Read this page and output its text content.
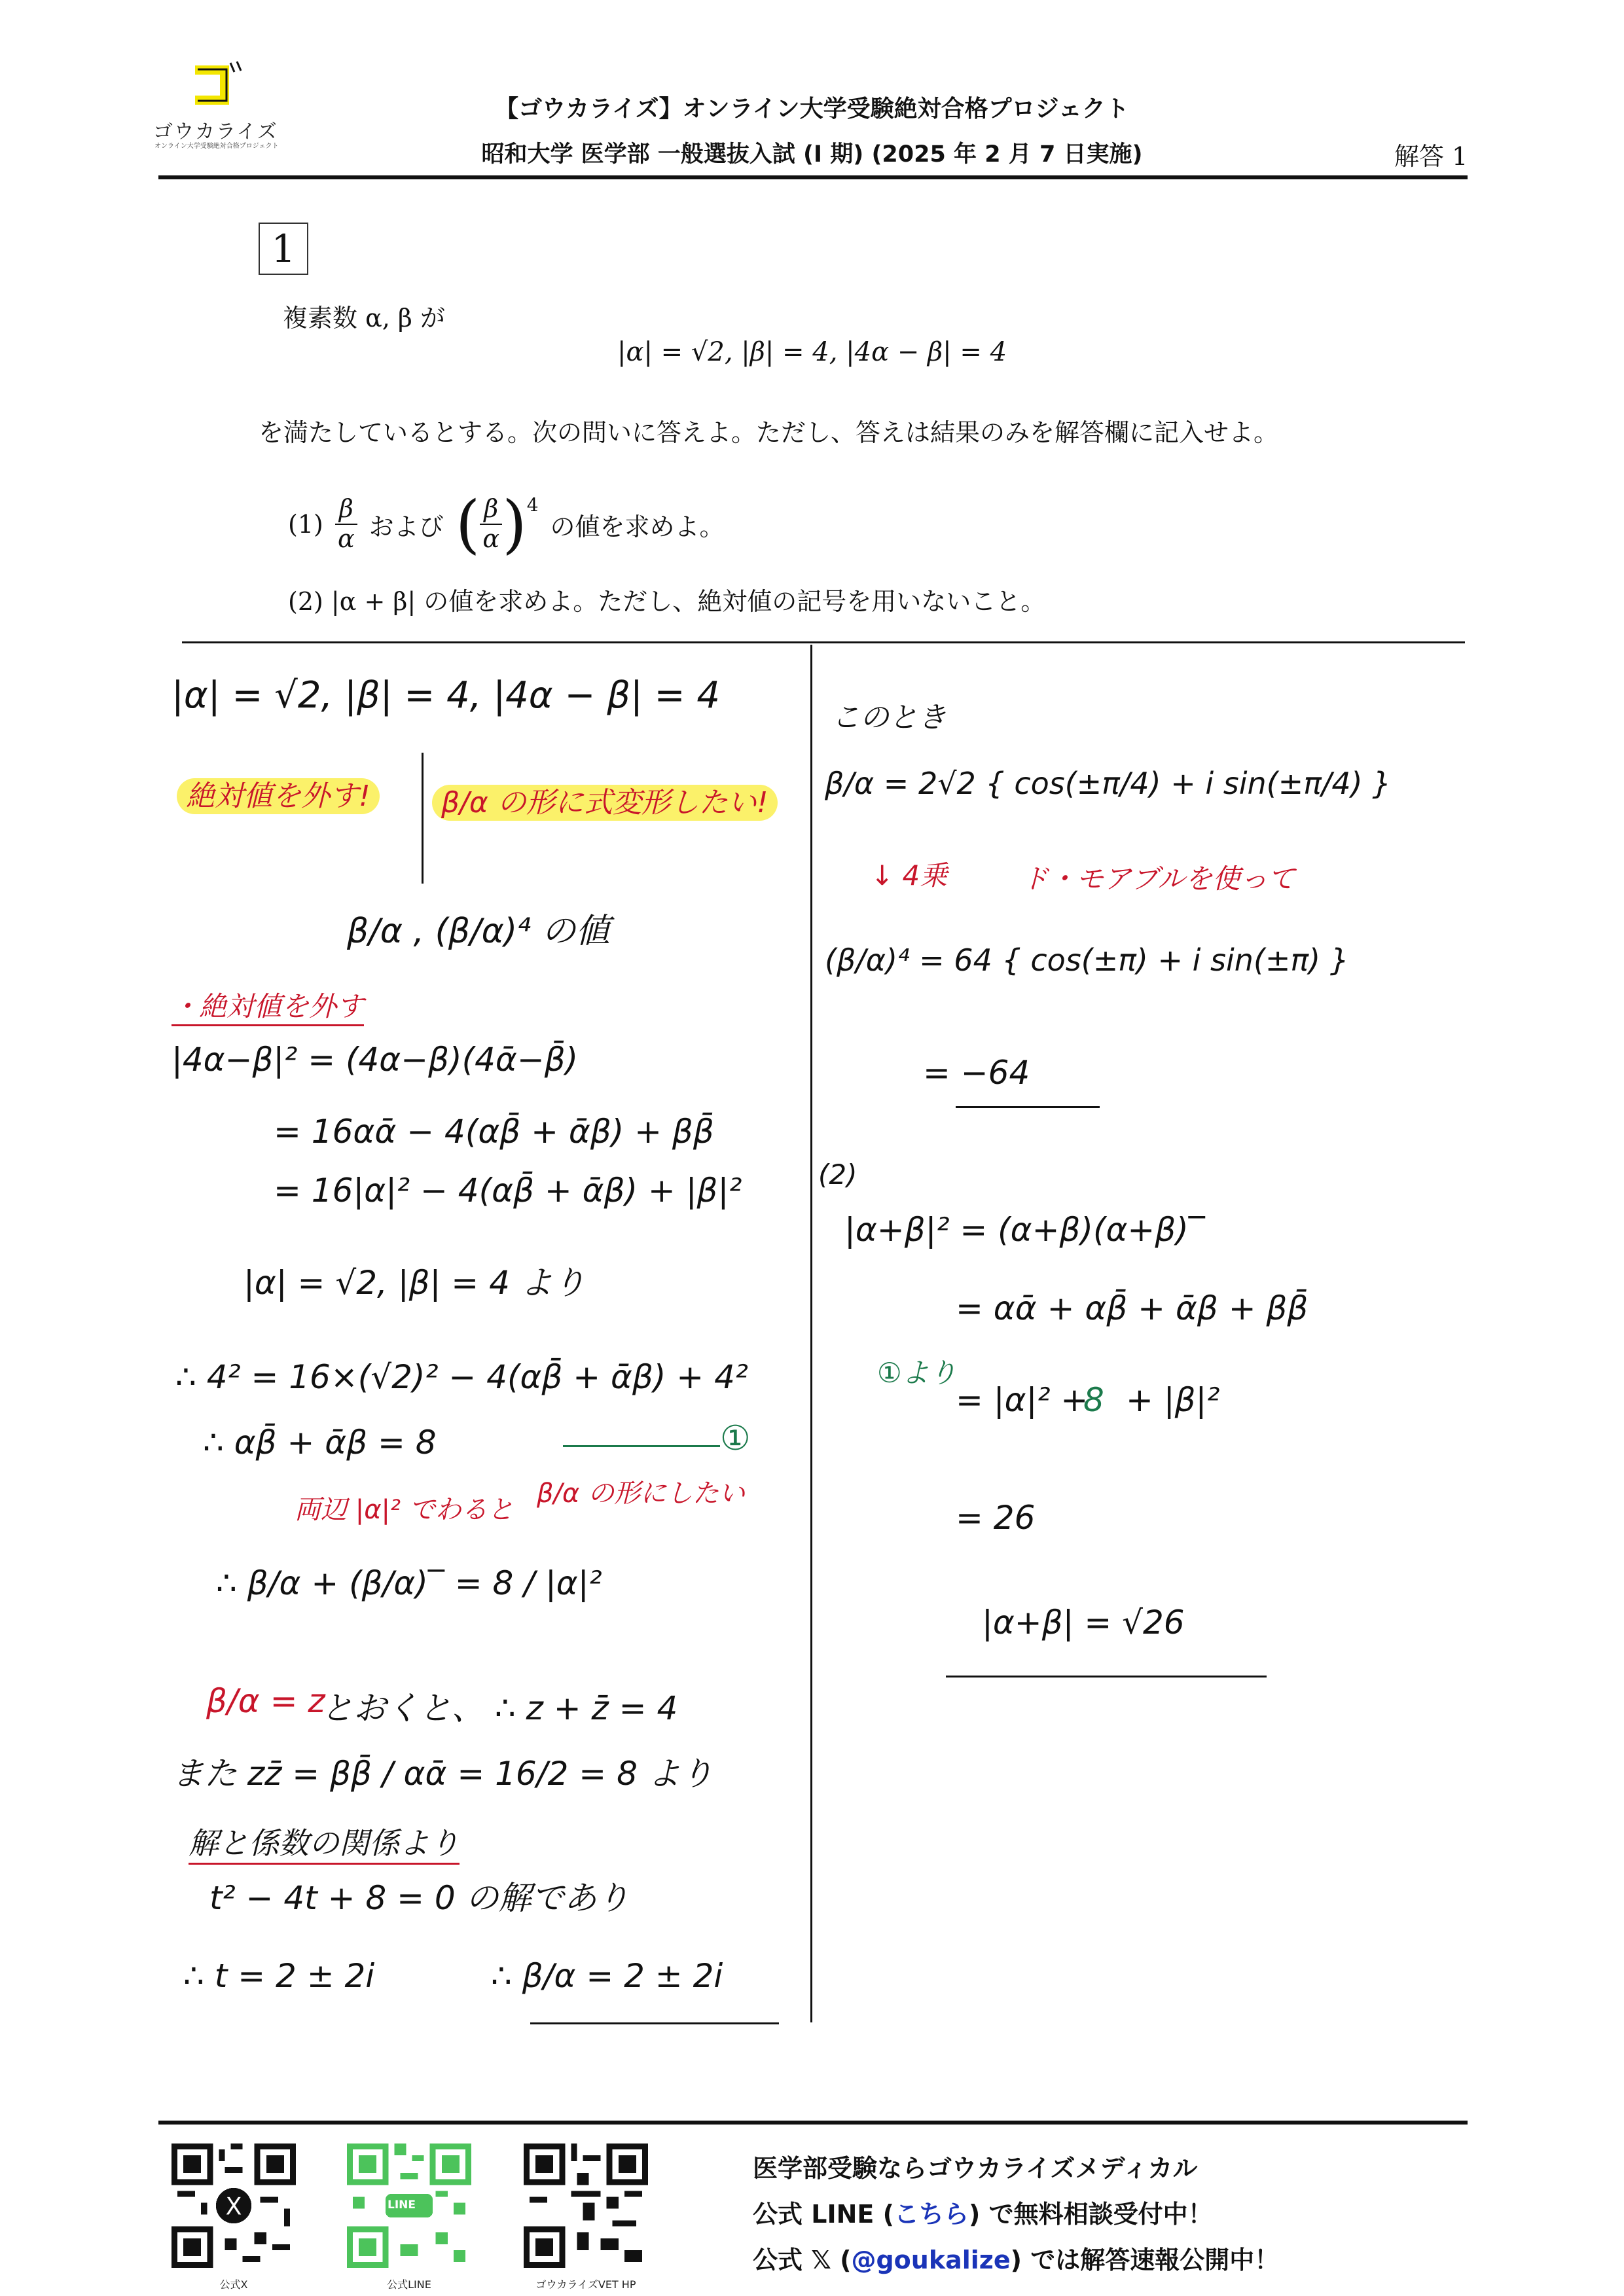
ゴウカライズ
オンライン大学受験絶対合格プロジェクト
【ゴウカライズ】オンライン大学受験絶対合格プロジェクト
昭和大学 医学部 一般選抜入試 (I 期) (2025 年 2 月 7 日実施)	解答 1
1
複素数 α, β が
|α| = √2, |β| = 4, |4α − β| = 4
を満たしているとする。次の問いに答えよ。ただし、答えは結果のみを解答欄に記入せよ。
$(1) \frac{\beta}{\alpha}$ および ( $\frac{\beta}{\alpha} )^4$
の値を求めよ。
(2) |α + β| の値を求めよ。ただし、絶対値の記号を用いないこと。
|α| = √2, |β| = 4, |4α − β| = 4
絶対値を外す!	β/α の形に式変形したい!
β/α , (β/α)⁴ の値
・絶対値を外す
|4α−β|² = (4α−β)(4ᾱ−β̄)
= 16αᾱ − 4(αβ̄ + ᾱβ) + ββ̄
= 16|α|² − 4(αβ̄ + ᾱβ) + |β|²
|α| = √2, |β| = 4 より
∴ 4² = 16×(√2)² − 4(αβ̄ + ᾱβ) + 4²
∴ αβ̄ + ᾱβ = 8	①
両辺 |α|² でわると
β/α の形にしたい
∴ β/α + (β/α)‾ = 8 / |α|²
β/α = z
とおくと、 ∴ z + z̄ = 4
また zz̄ = ββ̄ / αᾱ = 16/2 = 8 より
解と係数の関係より
t² − 4t + 8 = 0 の解であり
∴ t = 2 ± 2i	∴ β/α = 2 ± 2i
このとき
β/α = 2√2 { cos(±π/4) + i sin(±π/4) }
↓ 4乗	ド・モアブルを使って
(β/α)⁴ = 64 { cos(±π) + i sin(±π) }
= −64
(2)
|α+β|² = (α+β)(α+β)‾
= αᾱ + αβ̄ + ᾱβ + ββ̄
①より
= |α|² +
8 + |β|²
= 26
|α+β| = √26
X	LINE
公式X	公式LINE	ゴウカライズVET HP
医学部受験ならゴウカライズメディカル
公式 LINE (こちら) で無料相談受付中！
公式 𝕏 (@goukalize) では解答速報公開中！
